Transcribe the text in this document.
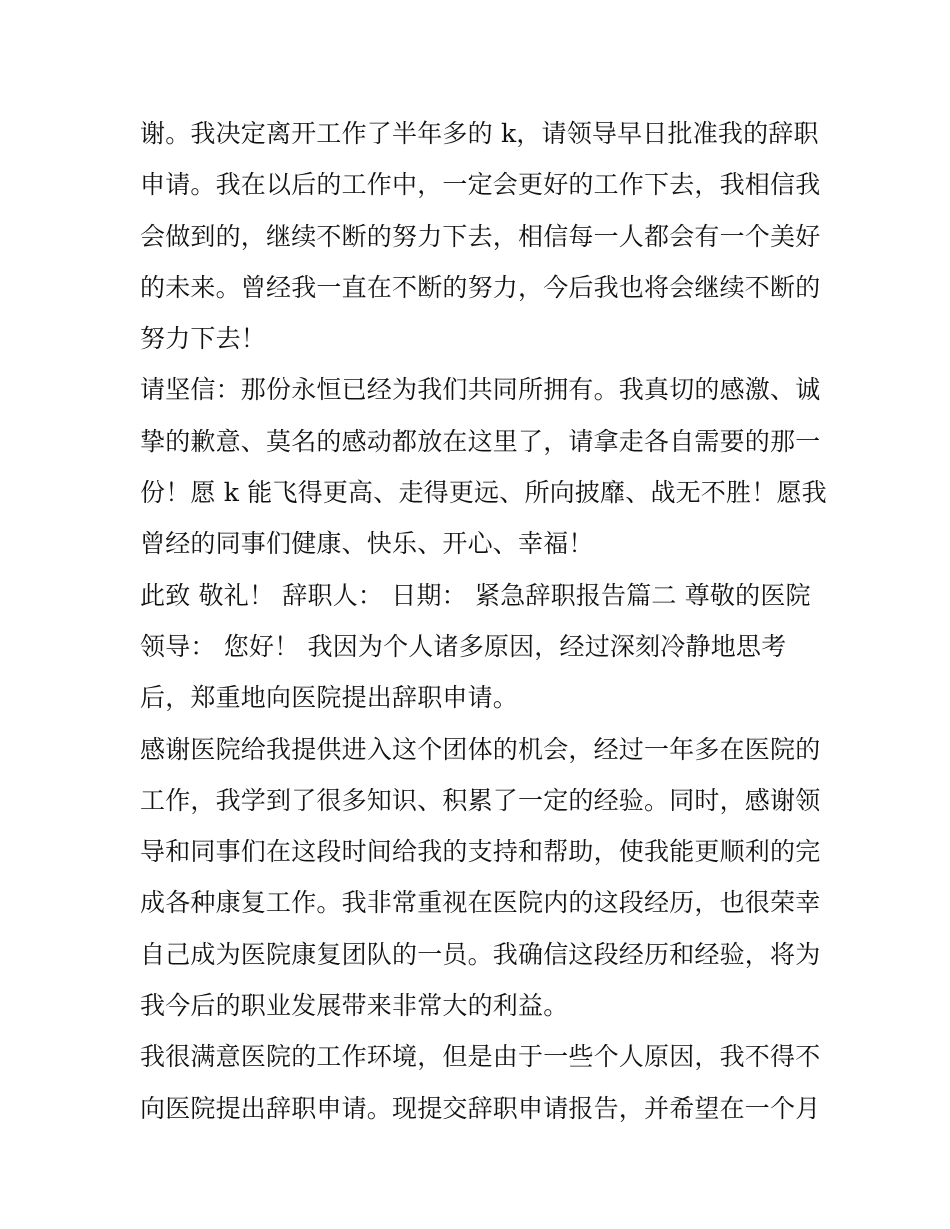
谢。我决定离开工作了半年多的 k，请领导早日批准我的辞职
申请。我在以后的工作中，一定会更好的工作下去，我相信我
会做到的，继续不断的努力下去，相信每一人都会有一个美好
的未来。曾经我一直在不断的努力，今后我也将会继续不断的
努力下去！
请坚信：那份永恒已经为我们共同所拥有。我真切的感激、诚
挚的歉意、莫名的感动都放在这里了，请拿走各自需要的那一
份！愿 k 能飞得更高、走得更远、所向披靡、战无不胜！愿我
曾经的同事们健康、快乐、开心、幸福！
此致 敬礼！ 辞职人： 日期： 紧急辞职报告篇二 尊敬的医院
领导： 您好！ 我因为个人诸多原因，经过深刻冷静地思考
后，郑重地向医院提出辞职申请。
感谢医院给我提供进入这个团体的机会，经过一年多在医院的
工作，我学到了很多知识、积累了一定的经验。同时，感谢领
导和同事们在这段时间给我的支持和帮助，使我能更顺利的完
成各种康复工作。我非常重视在医院内的这段经历，也很荣幸
自己成为医院康复团队的一员。我确信这段经历和经验，将为
我今后的职业发展带来非常大的利益。
我很满意医院的工作环境，但是由于一些个人原因，我不得不
向医院提出辞职申请。现提交辞职申请报告，并希望在一个月
